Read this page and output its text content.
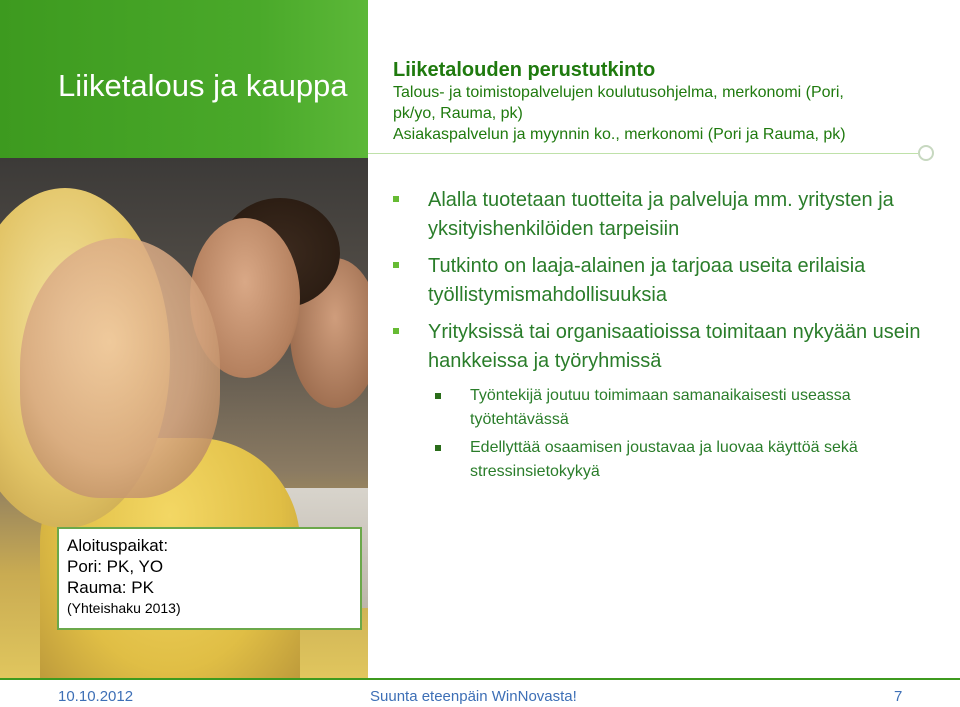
Liiketalous ja kauppa	Liiketalouden perustutkinto
Talous- ja toimistopalvelujen koulutusohjelma, merkonomi (Pori,
pk/yo, Rauma, pk)
Asiakaspalvelun ja myynnin ko., merkonomi (Pori ja Rauma, pk)
Alalla tuotetaan tuotteita ja palveluja mm. yritysten ja yksityishenkilöiden tarpeisiin
Tutkinto on laaja-alainen ja tarjoaa useita erilaisia työllistymismahdollisuuksia
Yrityksissä tai organisaatioissa toimitaan nykyään usein hankkeissa ja työryhmissä
Työntekijä joutuu toimimaan samanaikaisesti useassa työtehtävässä
Edellyttää osaamisen joustavaa ja luovaa käyttöä sekä stressinsietokykyä
Aloituspaikat:
Pori: PK, YO
Rauma: PK
(Yhteishaku 2013)
10.10.2012	Suunta eteenpäin WinNovasta!	7
